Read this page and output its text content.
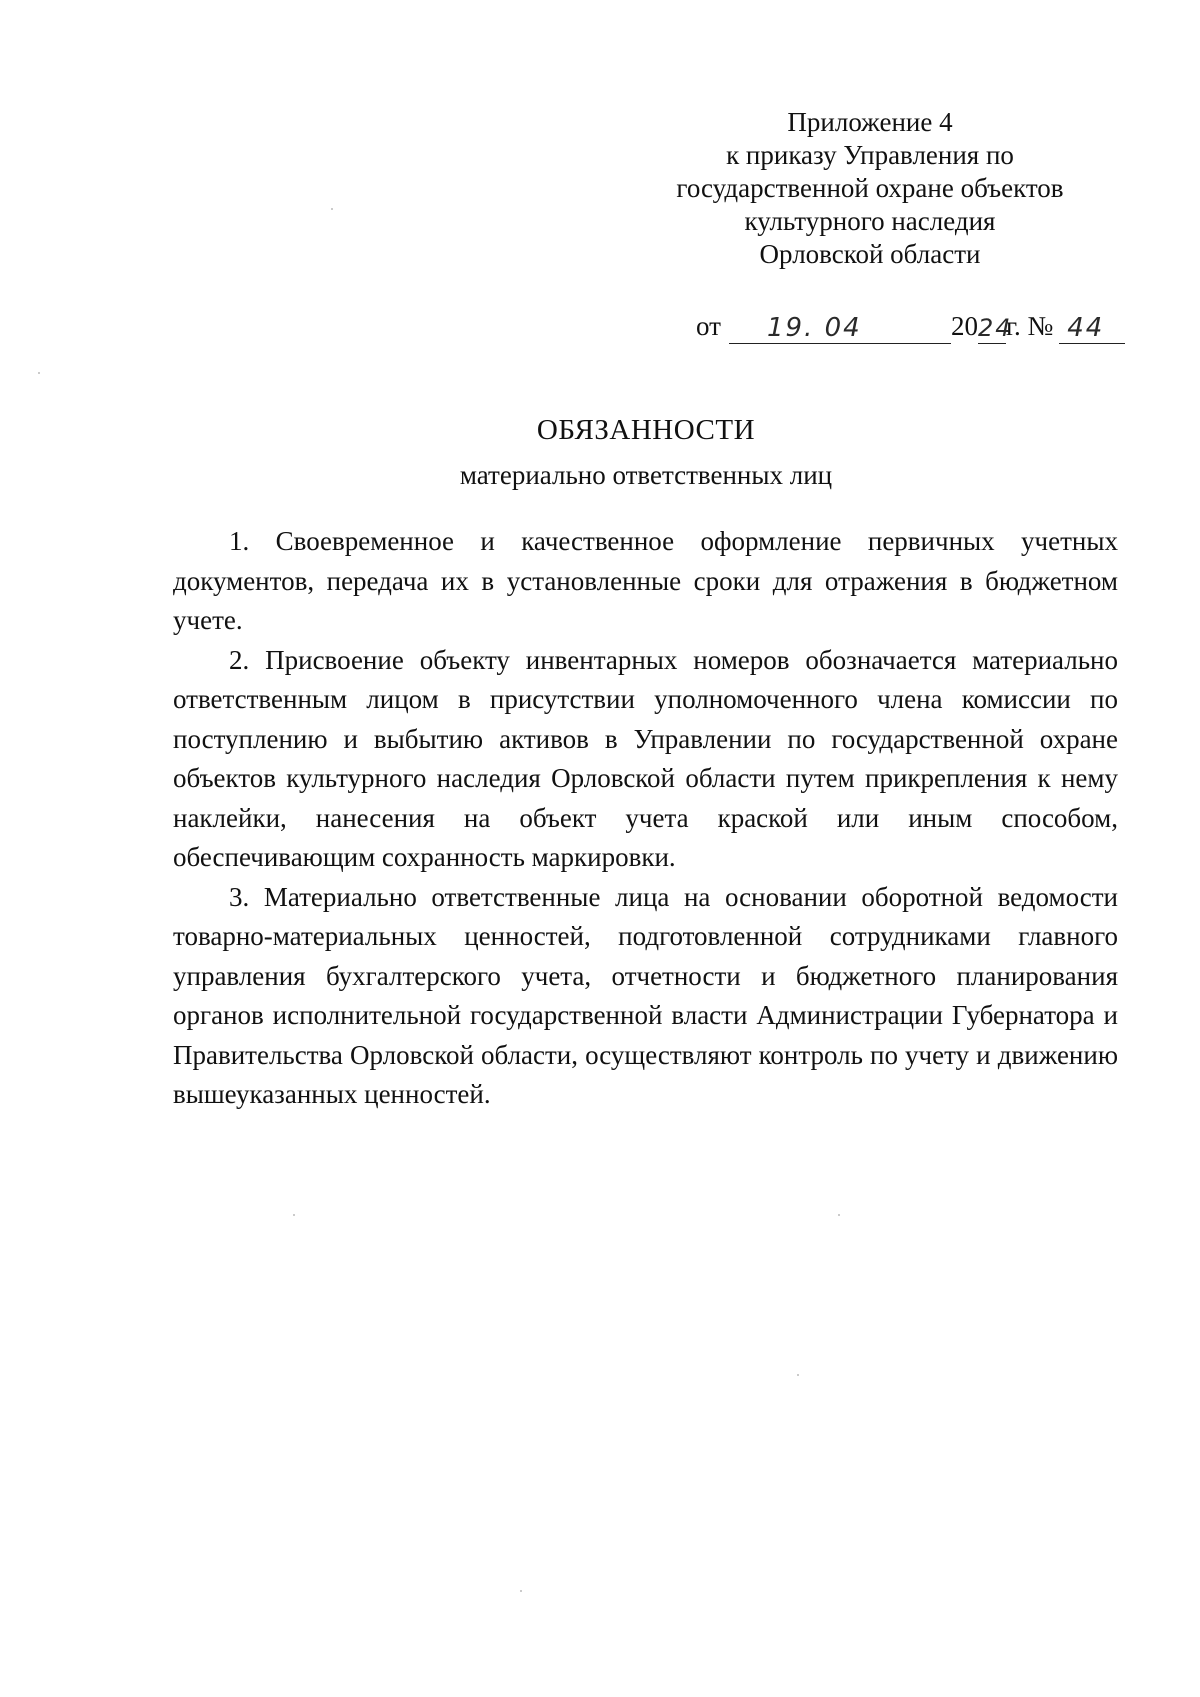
Приложение 4
к приказу Управления по
государственной охране объектов
культурного наследия
Орловской области
от 19. 04	20 24
г. № 44
ОБЯЗАННОСТИ
материально ответственных лиц

1. Своевременное и качественное оформление первичных учетных документов, передача их в установленные сроки для отражения в бюджетном учете.

2. Присвоение объекту инвентарных номеров обозначается материально ответственным лицом в присутствии уполномоченного члена комиссии по поступлению и выбытию активов в Управлении по государственной охране объектов культурного наследия Орловской области путем прикрепления к нему наклейки, нанесения на объект учета краской или иным способом, обеспечивающим сохранность маркировки.

3. Материально ответственные лица на основании оборотной ведомости товарно-материальных ценностей, подготовленной сотрудниками главного управления бухгалтерского учета, отчетности и бюджетного планирования органов исполнительной государственной власти Администрации Губернатора и Правительства Орловской области, осуществляют контроль по учету и движению вышеуказанных ценностей.
